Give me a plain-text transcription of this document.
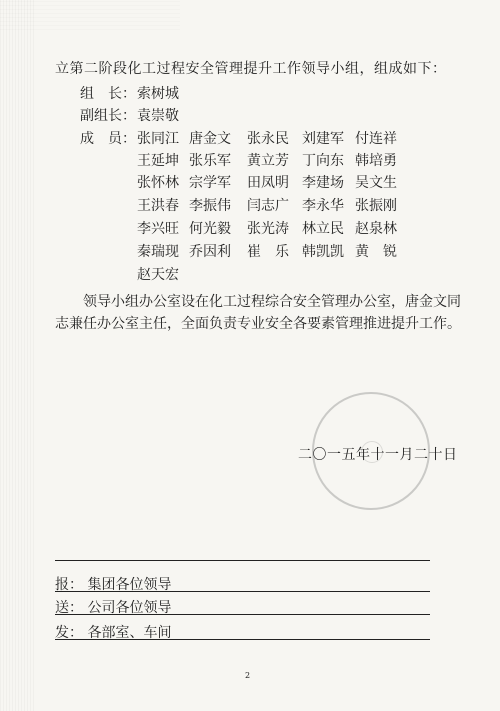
立第二阶段化工过程安全管理提升工作领导小组，组成如下：
组　长： 索树城
副组长： 袁崇敬
成　员： 张同江 唐金文	张永民 刘建军 付连祥
王延坤 张乐军	黄立芳 丁向东 韩培勇
张怀林 宗学军	田凤明 李建场 吴文生
王洪春 李振伟	闫志广 李永华 张振刚
李兴旺 何光毅	张光涛 林立民 赵泉林
秦瑞现 乔因利	崔　乐 韩凯凯 黄　锐
赵天宏
领导小组办公室设在化工过程综合安全管理办公室，唐金文同
志兼任办公室主任，全面负责专业安全各要素管理推进提升工作。
二〇一五年十一月二十日
报： 集团各位领导
送： 公司各位领导
发： 各部室、车间
2
